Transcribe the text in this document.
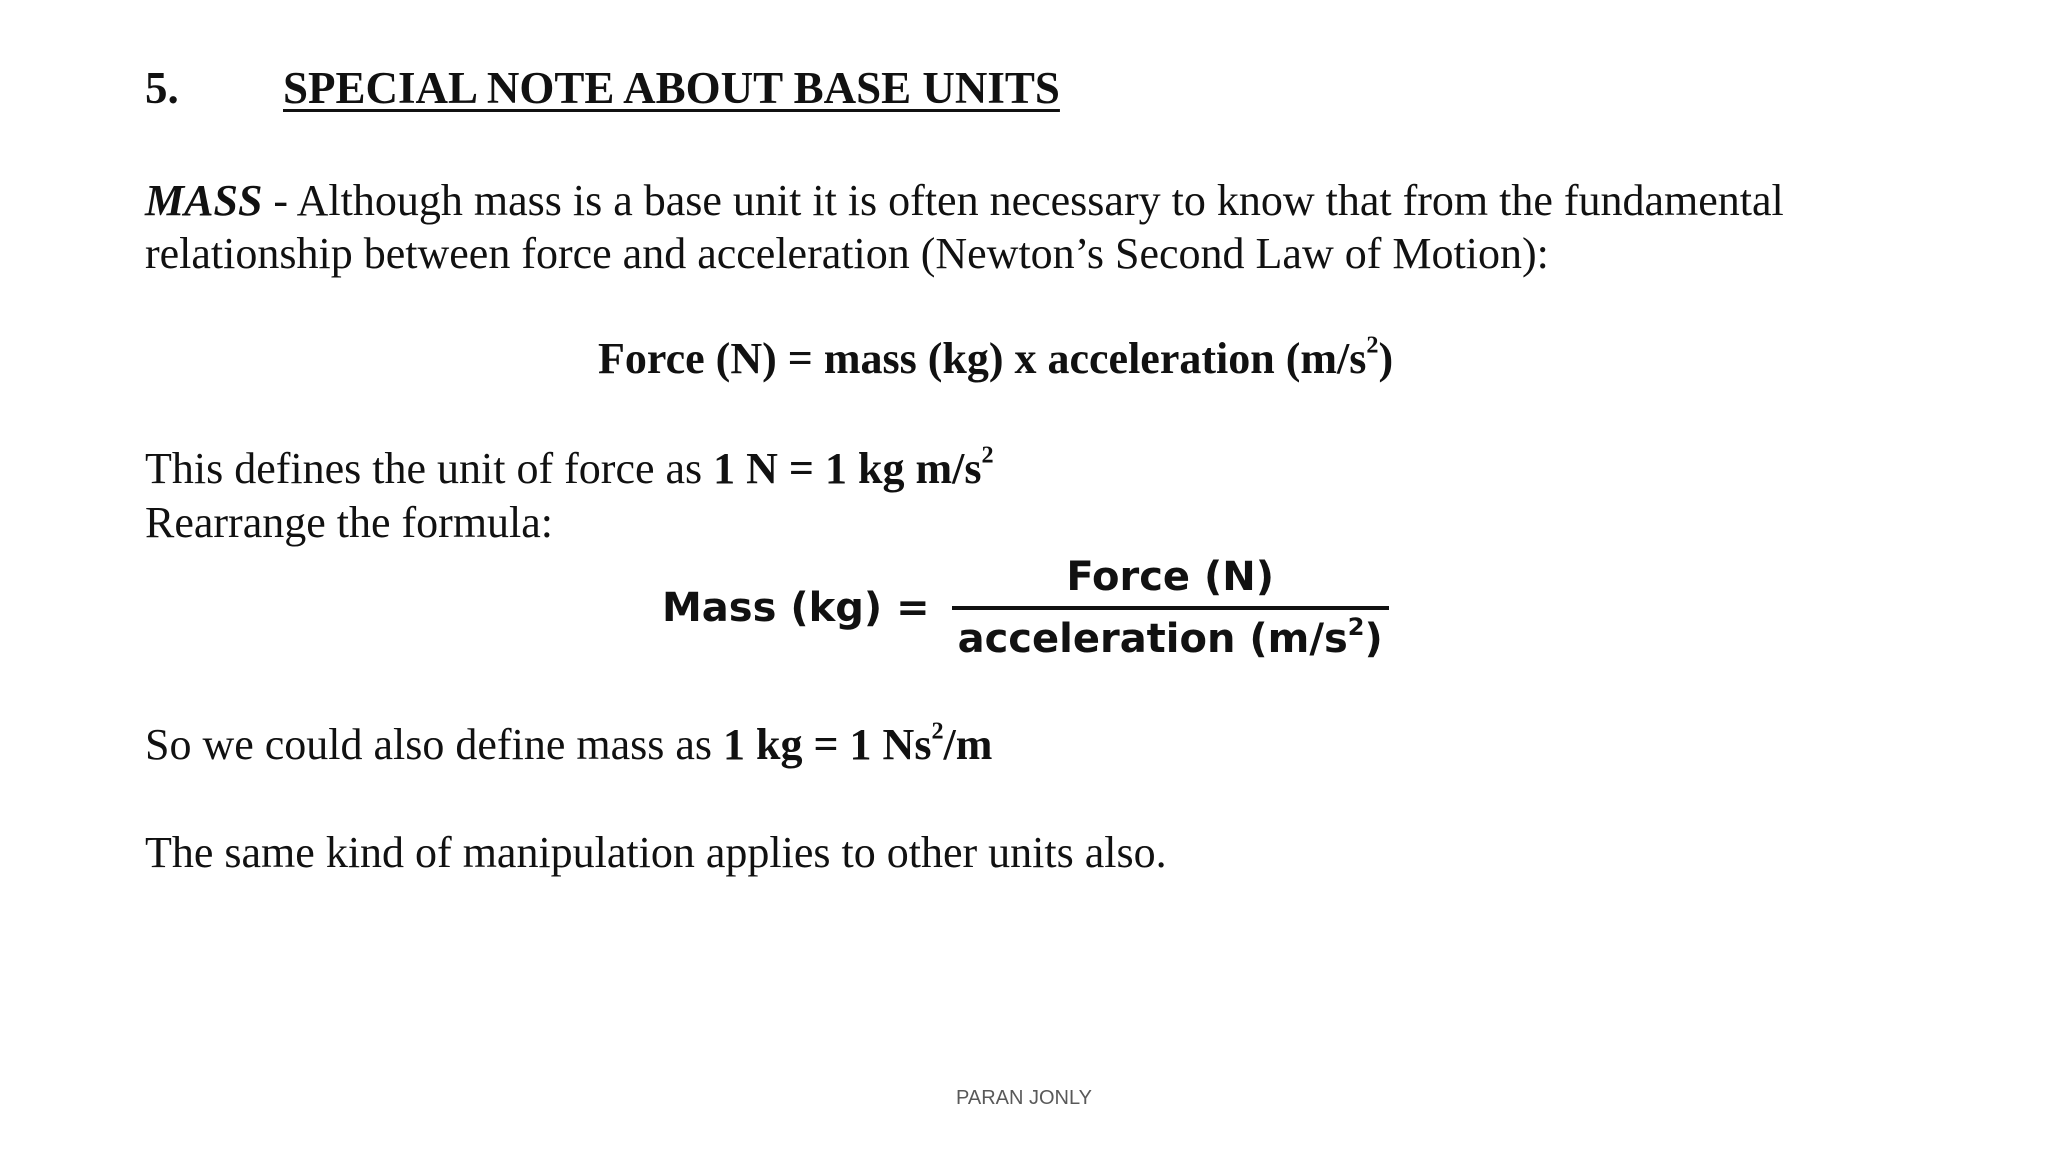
5. SPECIAL NOTE ABOUT BASE UNITS
MASS - Although mass is a base unit it is often necessary to know that from the fundamental
relationship between force and acceleration (Newton’s Second Law of Motion):
Force (N) = mass (kg) x acceleration $(m/s^2)$
This defines the unit of force as 1 N = 1 kg $m/s^2$
Rearrange the formula:
Mass $(kg) = \frac{\text{Force (N)}}{acceleration (m/s^2)}$
So we could also define mass as 1 kg = 1 Ns$^2$/m
The same kind of manipulation applies to other units also.
PARAN JONLY
